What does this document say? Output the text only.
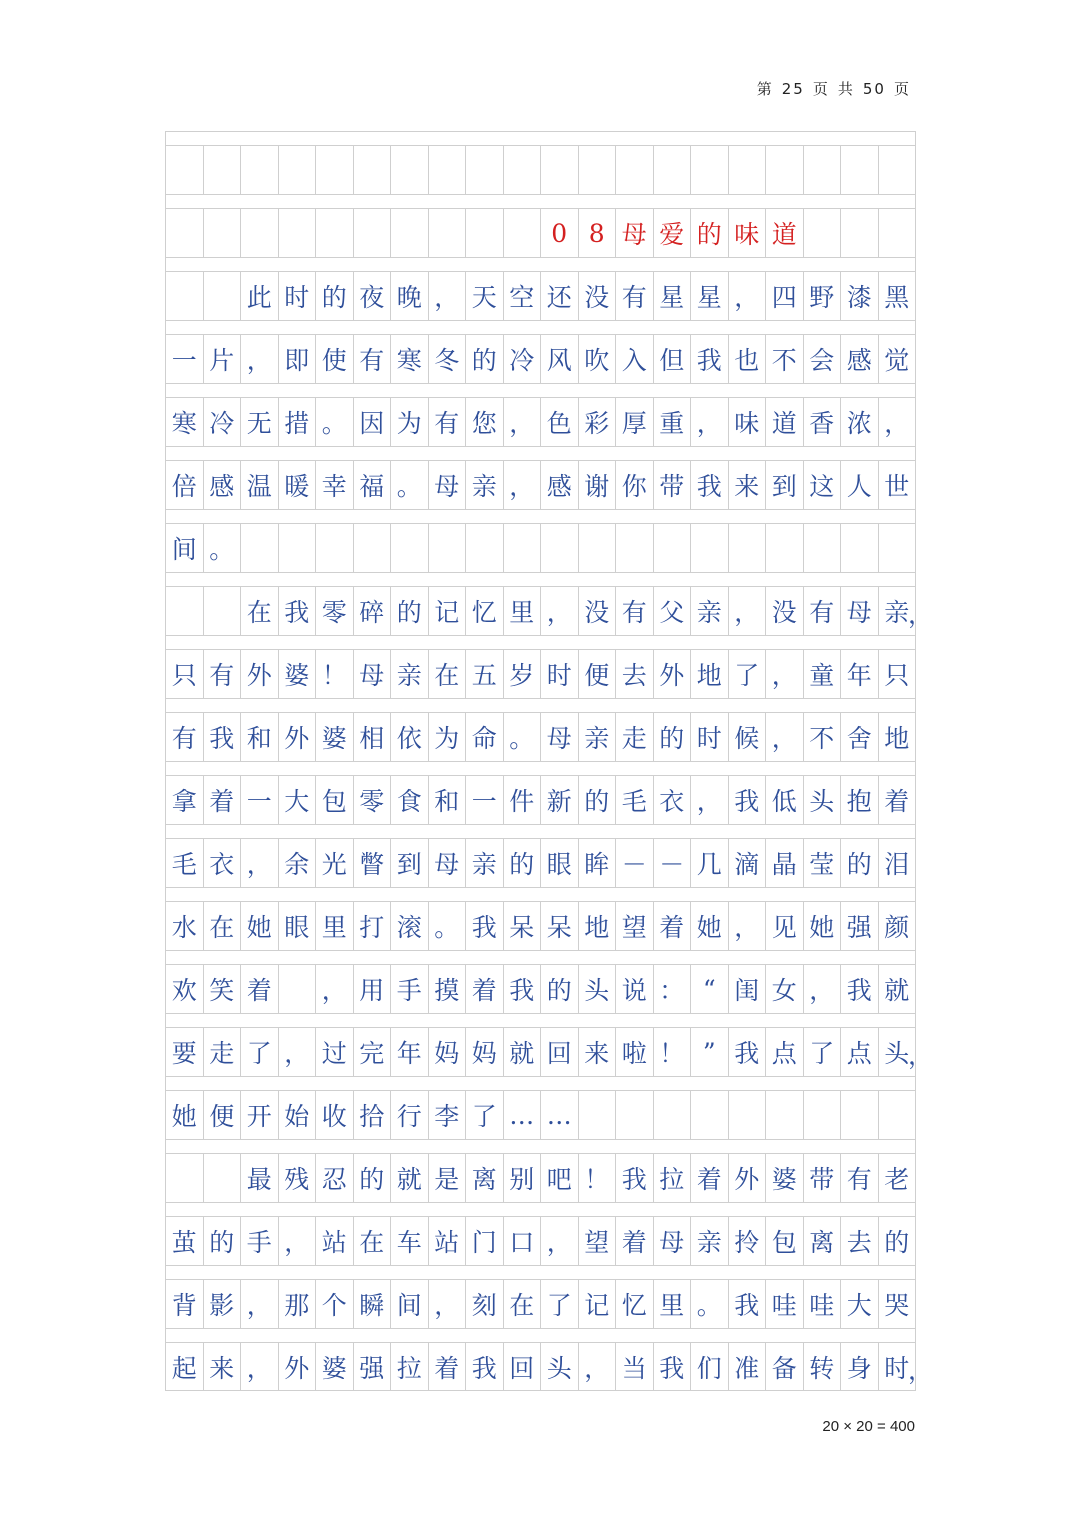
第 25 页 共 50 页
0 8 母 爱 的 味 道
此 时 的 夜 晚 ， 天 空 还 没 有 星 星 ， 四 野 漆 黑
一 片 ， 即 使 有 寒 冬 的 冷 风 吹 入 但 我 也 不 会 感 觉
寒 冷 无 措 。 因 为 有 您 ， 色 彩 厚 重 ， 味 道 香 浓 ，
倍 感 温 暖 幸 福 。 母 亲 ， 感 谢 你 带 我 来 到 这 人 世
间 。
在 我 零 碎 的 记 忆 里 ， 没 有 父 亲 ， 没 有 母 亲
，
只 有 外 婆 ！ 母 亲 在 五 岁 时 便 去 外 地 了 ， 童 年 只
有 我 和 外 婆 相 依 为 命 。 母 亲 走 的 时 候 ， 不 舍 地
拿 着 一 大 包 零 食 和 一 件 新 的 毛 衣 ， 我 低 头 抱 着
毛 衣 ， 余 光 瞥 到 母 亲 的 眼 眸 － － 几 滴 晶 莹 的 泪
水 在 她 眼 里 打 滚 。 我 呆 呆 地 望 着 她 ， 见 她 强 颜
欢 笑 着 ， 用 手 摸 着 我 的 头 说 ： “ 闺 女 ， 我 就
要 走 了 ， 过 完 年 妈 妈 就 回 来 啦 ！ ” 我 点 了 点 头
，
她 便 开 始 收 拾 行 李 了 … …
最 残 忍 的 就 是 离 别 吧 ！ 我 拉 着 外 婆 带 有 老
茧 的 手 ， 站 在 车 站 门 口 ， 望 着 母 亲 拎 包 离 去 的
背 影 ， 那 个 瞬 间 ， 刻 在 了 记 忆 里 。 我 哇 哇 大 哭
起 来 ， 外 婆 强 拉 着 我 回 头 ， 当 我 们 准 备 转 身 时
，
20 × 20 = 400
